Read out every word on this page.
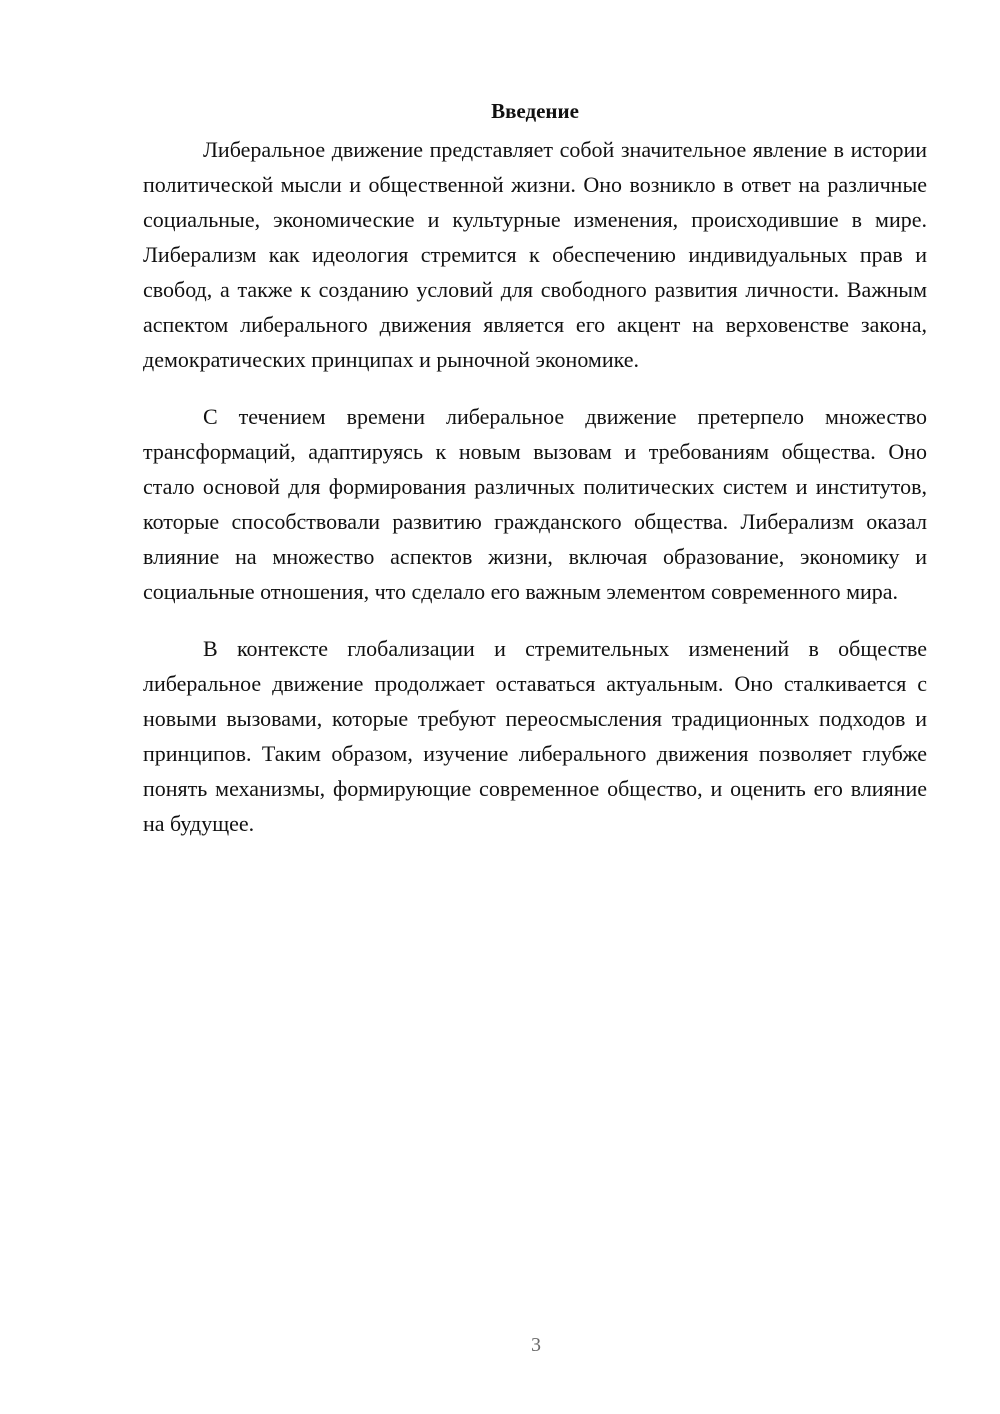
Введение

Либеральное движение представляет собой значительное явление в истории политической мысли и общественной жизни. Оно возникло в ответ на различные социальные, экономические и культурные изменения, происходившие в мире. Либерализм как идеология стремится к обеспечению индивидуальных прав и свобод, а также к созданию условий для свободного развития личности. Важным аспектом либерального движения является его акцент на верховенстве закона, демократических принципах и рыночной экономике.

С течением времени либеральное движение претерпело множество трансформаций, адаптируясь к новым вызовам и требованиям общества. Оно стало основой для формирования различных политических систем и институтов, которые способствовали развитию гражданского общества. Либерализм оказал влияние на множество аспектов жизни, включая образование, экономику и социальные отношения, что сделало его важным элементом современного мира.

В контексте глобализации и стремительных изменений в обществе либеральное движение продолжает оставаться актуальным. Оно сталкивается с новыми вызовами, которые требуют переосмысления традиционных подходов и принципов. Таким образом, изучение либерального движения позволяет глубже понять механизмы, формирующие современное общество, и оценить его влияние на будущее.

3
